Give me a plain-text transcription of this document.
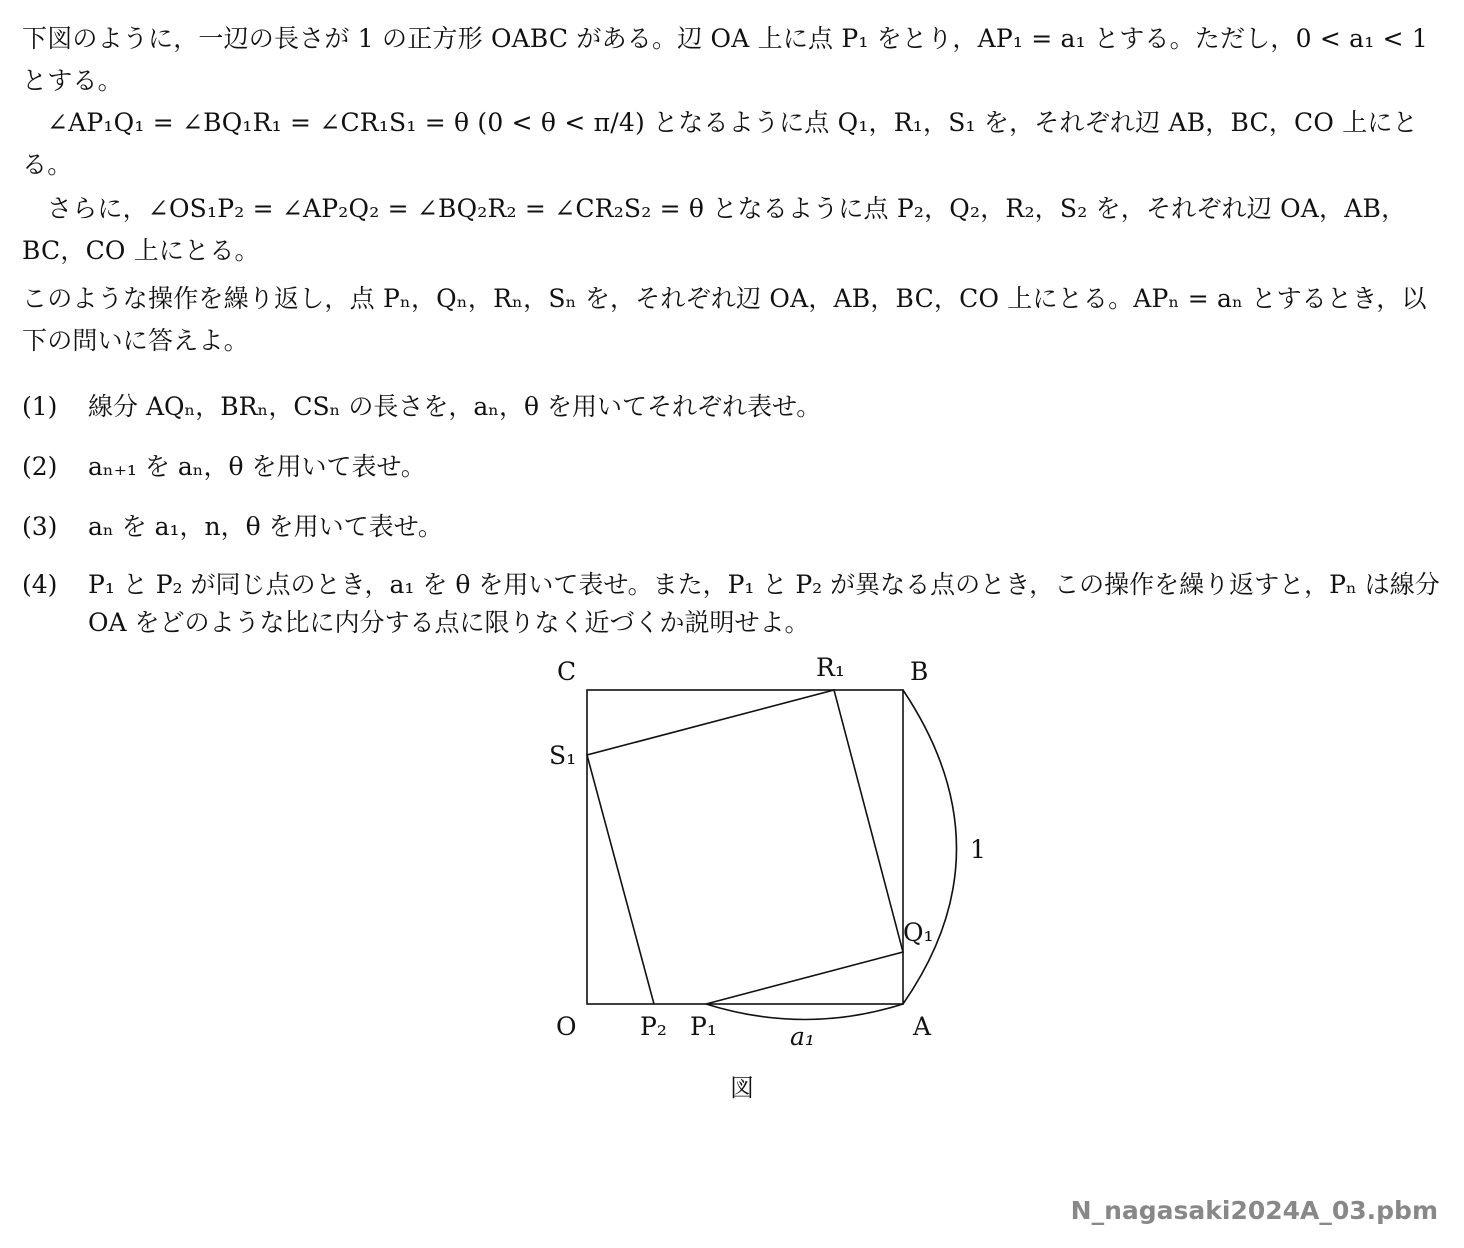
下図のように，一辺の長さが 1 の正方形 OABC がある。辺 OA 上に点 P₁ をとり，AP₁ = a₁ とする。ただし，0 < a₁ < 1 とする。

∠AP₁Q₁ = ∠BQ₁R₁ = ∠CR₁S₁ = θ (0 < θ < π/4) となるように点 Q₁，R₁，S₁ を，それぞれ辺 AB，BC，CO 上にとる。

さらに，∠OS₁P₂ = ∠AP₂Q₂ = ∠BQ₂R₂ = ∠CR₂S₂ = θ となるように点 P₂，Q₂，R₂，S₂ を，それぞれ辺 OA，AB，BC，CO 上にとる。

このような操作を繰り返し，点 Pₙ，Qₙ，Rₙ，Sₙ を，それぞれ辺 OA，AB，BC，CO 上にとる。APₙ = aₙ とするとき，以下の問いに答えよ。

(1) 線分 AQₙ，BRₙ，CSₙ の長さを，aₙ，θ を用いてそれぞれ表せ。
(2) aₙ₊₁ を aₙ，θ を用いて表せ。
(3) aₙ を a₁，n，θ を用いて表せ。
(4) P₁ と P₂ が同じ点のとき，a₁ を θ を用いて表せ。また，P₁ と P₂ が異なる点のとき，この操作を繰り返すと，Pₙ は線分 OA をどのような比に内分する点に限りなく近づくか説明せよ。
C	R₁	B
S₁
1
Q₁
O	P₂ P₁	A
a₁
図
N_nagasaki2024A_03.pbm
